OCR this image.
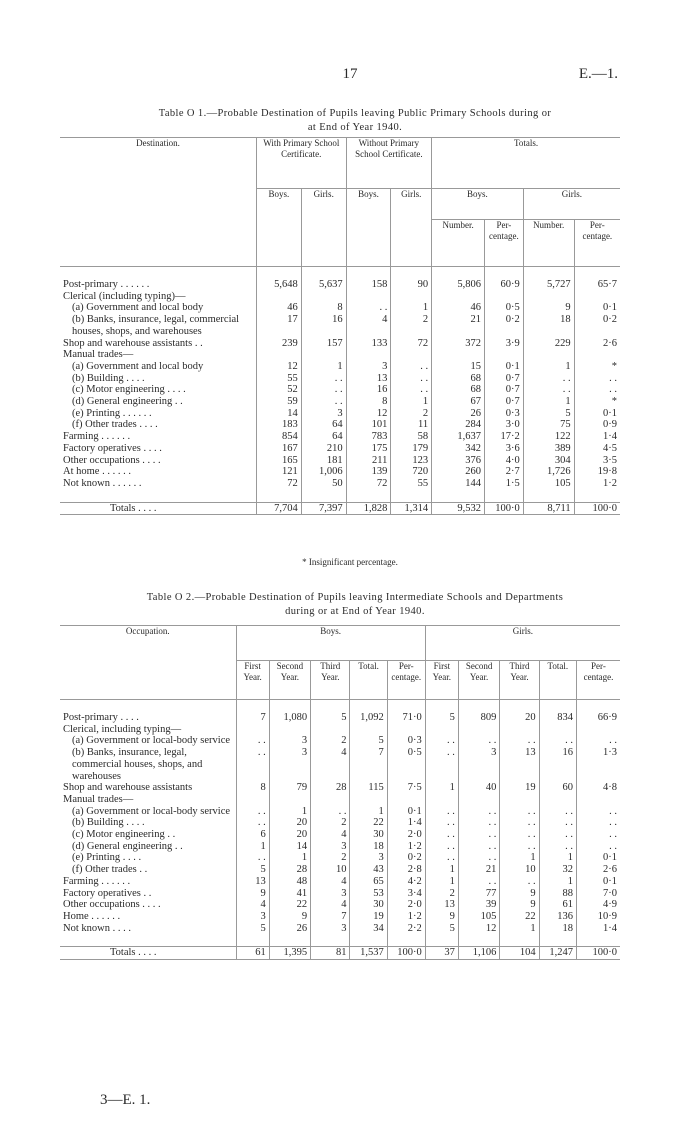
17	E.—1.
Table O 1.—Probable Destination of Pupils leaving Public Primary Schools during or
at End of Year 1940.
Destination.	With Primary School Certificate.		Without Primary School Certificate.		Totals.			
	Boys.	Girls.	Boys.	Girls.	Boys.		Girls.	
					Number.	Per-centage.	Number.	Per-centage.

Post-primary . . . . . .	5,648	5,637	158	90	5,806	60·9	5,727	65·7
Clerical (including typing)—								
(a) Government and local body	46	8	. .	1	46	0·5	9	0·1
(b) Banks, insurance, legal, commercial houses, shops, and warehouses	17	16	4	2	21	0·2	18	0·2
Shop and warehouse assistants . .	239	157	133	72	372	3·9	229	2·6
Manual trades—								
(a) Government and local body	12	1	3	. .	15	0·1	1	*
(b) Building . . . .	55	. .	13	. .	68	0·7	. .	. .
(c) Motor engineering . . . .	52	. .	16	. .	68	0·7	. .	. .
(d) General engineering . .	59	. .	8	1	67	0·7	1	*
(e) Printing . . . . . .	14	3	12	2	26	0·3	5	0·1
(f) Other trades . . . .	183	64	101	11	284	3·0	75	0·9
Farming . . . . . .	854	64	783	58	1,637	17·2	122	1·4
Factory operatives . . . .	167	210	175	179	342	3·6	389	4·5
Other occupations . . . .	165	181	211	123	376	4·0	304	3·5
At home . . . . . .	121	1,006	139	720	260	2·7	1,726	19·8
Not known . . . . . .	72	50	72	55	144	1·5	105	1·2

Totals . . . .	7,704	7,397	1,828	1,314	9,532	100·0	8,711	100·0
* Insignificant percentage.
Table O 2.—Probable Destination of Pupils leaving Intermediate Schools and Departments
during or at End of Year 1940.
Occupation.	Boys.					Girls.				
	First Year.	Second Year.	Third Year.	Total.	Per-centage.	First Year.	Second Year.	Third Year.	Total.	Per-centage.

Post-primary . . . .	7	1,080	5	1,092	71·0	5	809	20	834	66·9
Clerical, including typing—										
(a) Government or local-body service	. .	3	2	5	0·3	. .	. .	. .	. .	. .
(b) Banks, insurance, legal, commercial houses, shops, and warehouses	. .	3	4	7	0·5	. .	3	13	16	1·3
Shop and warehouse assistants	8	79	28	115	7·5	1	40	19	60	4·8
Manual trades—										
(a) Government or local-body service	. .	1	. .	1	0·1	. .	. .	. .	. .	. .
(b) Building . . . .	. .	20	2	22	1·4	. .	. .	. .	. .	. .
(c) Motor engineering . .	6	20	4	30	2·0	. .	. .	. .	. .	. .
(d) General engineering . .	1	14	3	18	1·2	. .	. .	. .	. .	. .
(e) Printing . . . .	. .	1	2	3	0·2	. .	. .	1	1	0·1
(f) Other trades . .	5	28	10	43	2·8	1	21	10	32	2·6
Farming . . . . . .	13	48	4	65	4·2	1	. .	. .	1	0·1
Factory operatives . .	9	41	3	53	3·4	2	77	9	88	7·0
Other occupations . . . .	4	22	4	30	2·0	13	39	9	61	4·9
Home . . . . . .	3	9	7	19	1·2	9	105	22	136	10·9
Not known . . . .	5	26	3	34	2·2	5	12	1	18	1·4

Totals . . . .	61	1,395	81	1,537	100·0	37	1,106	104	1,247	100·0
3—E. 1.
